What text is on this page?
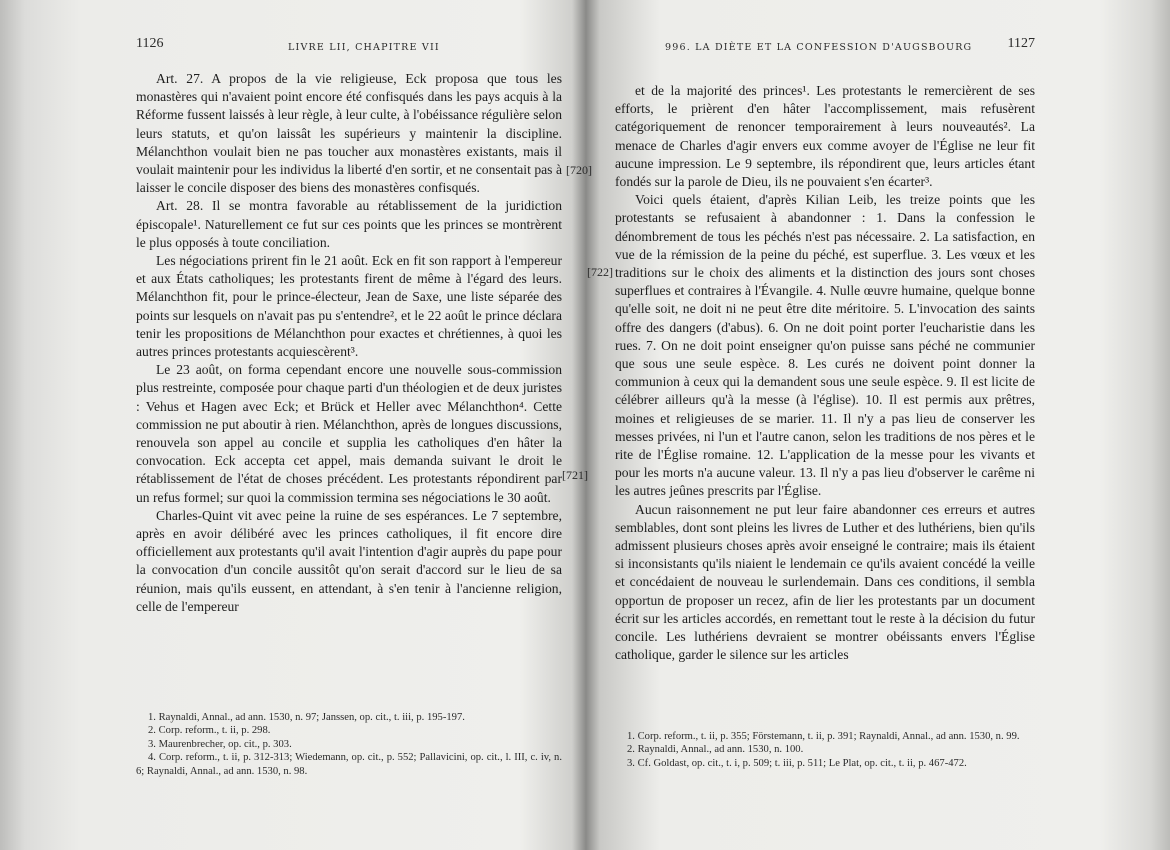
1126	LIVRE LII, CHAPITRE VII

Art. 27. A propos de la vie religieuse, Eck proposa que tous les monastères qui n'avaient point encore été confisqués dans les pays acquis à la Réforme fussent laissés à leur règle, à leur culte, à l'obéissance régulière selon leurs statuts, et qu'on laissât les supérieurs y maintenir la discipline. Mélanchthon voulait bien ne pas toucher aux monastères existants, mais il voulait maintenir pour les individus la liberté d'en sortir, et ne consentait pas à laisser le concile disposer des biens des monastères confisqués.

Art. 28. Il se montra favorable au rétablissement de la juridiction épiscopale¹. Naturellement ce fut sur ces points que les princes se montrèrent le plus opposés à toute conciliation.

Les négociations prirent fin le 21 août. Eck en fit son rapport à l'empereur et aux États catholiques; les protestants firent de même à l'égard des leurs. Mélanchthon fit, pour le prince-électeur, Jean de Saxe, une liste séparée des points sur lesquels on n'avait pas pu s'entendre², et le 22 août le prince déclara tenir les propositions de Mélanchthon pour exactes et chrétiennes, à quoi les autres princes protestants acquiescèrent³.

Le 23 août, on forma cependant encore une nouvelle sous-commission plus restreinte, composée pour chaque parti d'un théologien et de deux juristes : Vehus et Hagen avec Eck; et Brück et Heller avec Mélanchthon⁴. Cette commission ne put aboutir à rien. Mélanchthon, après de longues discussions, renouvela son appel au concile et supplia les catholiques d'en hâter la convocation. Eck accepta cet appel, mais demanda suivant le droit le rétablissement de l'état de choses précédent. Les protestants répondirent par un refus formel; sur quoi la commission termina ses négociations le 30 août.

Charles-Quint vit avec peine la ruine de ses espérances. Le 7 septembre, après en avoir délibéré avec les princes catholiques, il fit encore dire officiellement aux protestants qu'il avait l'intention d'agir auprès du pape pour la convocation d'un concile aussitôt qu'on serait d'accord sur le lieu de sa réunion, mais qu'ils eussent, en attendant, à s'en tenir à l'ancienne religion, celle de l'empereur

1. Raynaldi, Annal., ad ann. 1530, n. 97; Janssen, op. cit., t. iii, p. 195-197.

2. Corp. reform., t. ii, p. 298.

3. Maurenbrecher, op. cit., p. 303.

4. Corp. reform., t. ii, p. 312-313; Wiedemann, op. cit., p. 552; Pallavicini, op. cit., l. III, c. iv, n. 6; Raynaldi, Annal., ad ann. 1530, n. 98.

[720]
[721]
996. LA DIÈTE ET LA CONFESSION D'AUGSBOURG	1127

et de la majorité des princes¹. Les protestants le remercièrent de ses efforts, le prièrent d'en hâter l'accomplissement, mais refusèrent catégoriquement de renoncer temporairement à leurs nouveautés². La menace de Charles d'agir envers eux comme avoyer de l'Église ne leur fit aucune impression. Le 9 septembre, ils répondirent que, leurs articles étant fondés sur la parole de Dieu, ils ne pouvaient s'en écarter³.

Voici quels étaient, d'après Kilian Leib, les treize points que les protestants se refusaient à abandonner : 1. Dans la confession le dénombrement de tous les péchés n'est pas nécessaire. 2. La satisfaction, en vue de la rémission de la peine du péché, est superflue. 3. Les vœux et les traditions sur le choix des aliments et la distinction des jours sont choses superflues et contraires à l'Évangile. 4. Nulle œuvre humaine, quelque bonne qu'elle soit, ne doit ni ne peut être dite méritoire. 5. L'invocation des saints offre des dangers (d'abus). 6. On ne doit point porter l'eucharistie dans les rues. 7. On ne doit point enseigner qu'on puisse sans péché ne communier que sous une seule espèce. 8. Les curés ne doivent point donner la communion à ceux qui la demandent sous une seule espèce. 9. Il est licite de célébrer ailleurs qu'à la messe (à l'église). 10. Il est permis aux prêtres, moines et religieuses de se marier. 11. Il n'y a pas lieu de conserver les messes privées, ni l'un et l'autre canon, selon les traditions de nos pères et le rite de l'Église romaine. 12. L'application de la messe pour les vivants et pour les morts n'a aucune valeur. 13. Il n'y a pas lieu d'observer le carême ni les autres jeûnes prescrits par l'Église.

Aucun raisonnement ne put leur faire abandonner ces erreurs et autres semblables, dont sont pleins les livres de Luther et des luthériens, bien qu'ils admissent plusieurs choses après avoir enseigné le contraire; mais ils étaient si inconsistants qu'ils niaient le lendemain ce qu'ils avaient concédé la veille et concédaient de nouveau le surlendemain. Dans ces conditions, il sembla opportun de proposer un recez, afin de lier les protestants par un document écrit sur les articles accordés, en remettant tout le reste à la décision du futur concile. Les luthériens devraient se montrer obéissants envers l'Église catholique, garder le silence sur les articles

1. Corp. reform., t. ii, p. 355; Förstemann, t. ii, p. 391; Raynaldi, Annal., ad ann. 1530, n. 99.

2. Raynaldi, Annal., ad ann. 1530, n. 100.

3. Cf. Goldast, op. cit., t. i, p. 509; t. iii, p. 511; Le Plat, op. cit., t. ii, p. 467-472.

[722]
